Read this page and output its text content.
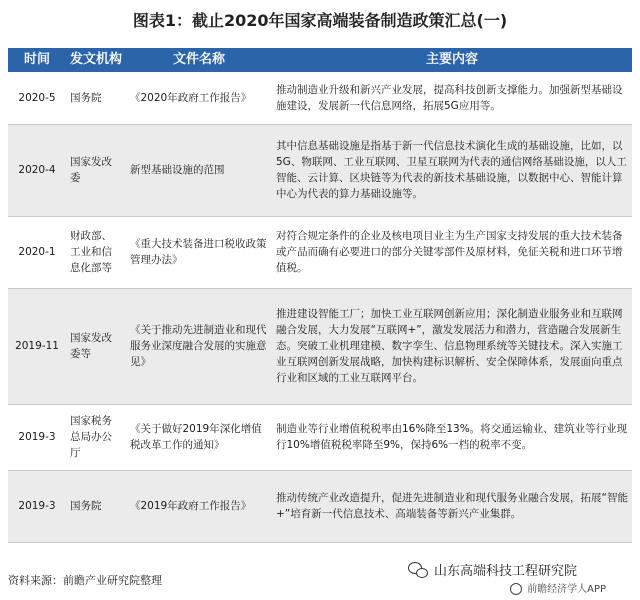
图表1：截止2020年国家高端装备制造政策汇总(一)
时间	发文机构	文件名称	主要内容
2020-5	国务院	《2020年政府工作报告》	推动制造业升级和新兴产业发展，提高科技创新支撑能力。加强新型基础设施建设，发展新一代信息网络，拓展5G应用等。
2020-4	国家发改委	新型基础设施的范围	其中信息基础设施是指基于新一代信息技术演化生成的基础设施，比如，以5G、物联网、工业互联网、卫星互联网为代表的通信网络基础设施，以人工智能、云计算、区块链等为代表的新技术基础设施，以数据中心、智能计算中心为代表的算力基础设施等。
2020-1	财政部、工业和信息化部等	《重大技术装备进口税收政策管理办法》	对符合规定条件的企业及核电项目业主为生产国家支持发展的重大技术装备或产品而确有必要进口的部分关键零部件及原材料，免征关税和进口环节增值税。
2019-11	国家发改委等	《关于推动先进制造业和现代服务业深度融合发展的实施意见》	推进建设智能工厂；加快工业互联网创新应用；深化制造业服务业和互联网融合发展，大力发展“互联网+”，激发发展活力和潜力，营造融合发展新生态。突破工业机理建模、数字孪生、信息物理系统等关键技术。深入实施工业互联网创新发展战略，加快构建标识解析、安全保障体系，发展面向重点行业和区域的工业互联网平台。
2019-3	国家税务总局办公厅	《关于做好2019年深化增值税改革工作的通知》	制造业等行业增值税税率由16%降至13%。将交通运输业、建筑业等行业现行10%增值税税率降至9%，保持6%一档的税率不变。
2019-3	国务院	《2019年政府工作报告》	推动传统产业改造提升，促进先进制造业和现代服务业融合发展，拓展“智能+”培育新一代信息技术、高端装备等新兴产业集群。
资料来源：前瞻产业研究院整理
山东高端科技工程研究院
前瞻经济学人APP
